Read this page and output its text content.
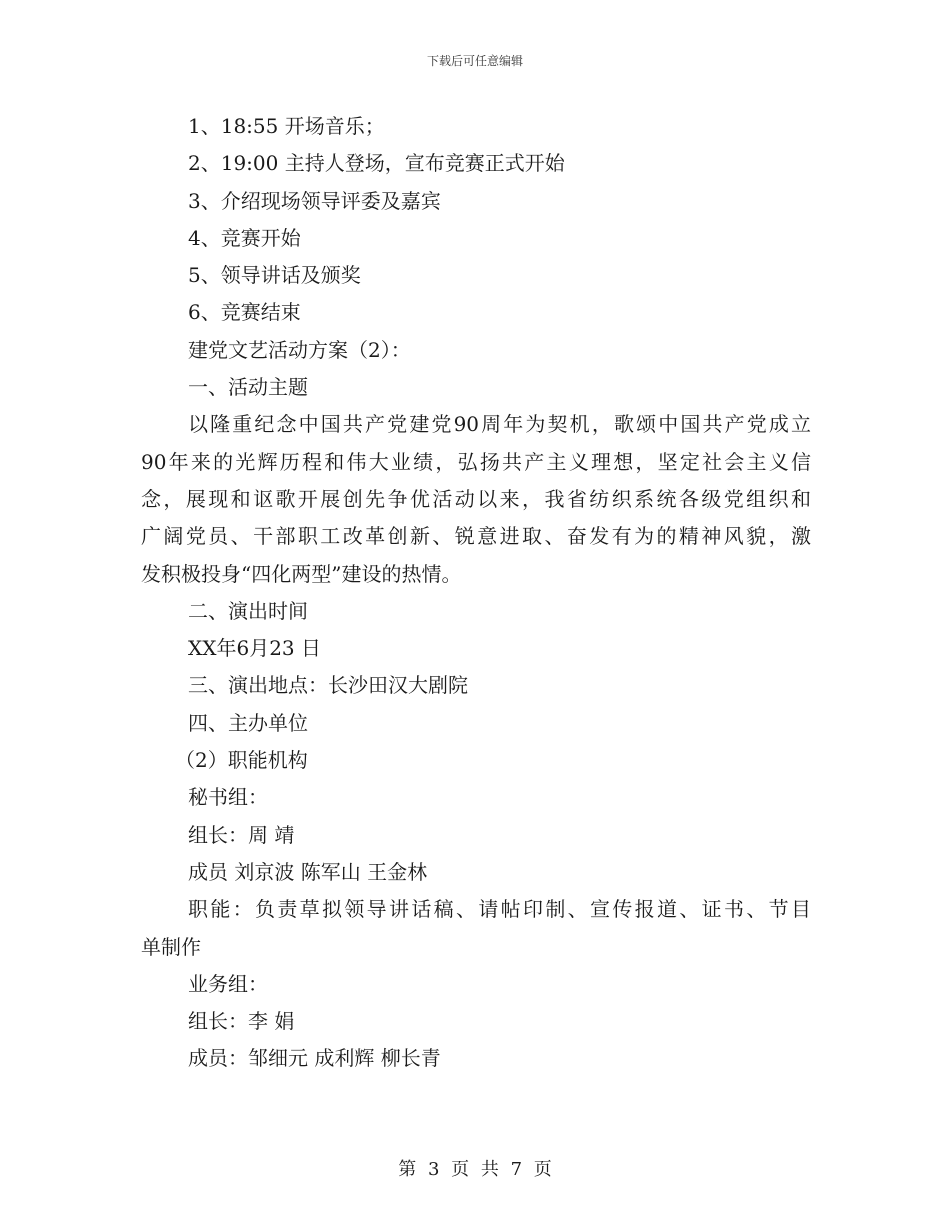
下载后可任意编辑
1、18:55 开场音乐；
2、19:00 主持人登场，宣布竞赛正式开始
3、介绍现场领导评委及嘉宾
4、竞赛开始
5、领导讲话及颁奖
6、竞赛结束
建党文艺活动方案（2）：
一、活动主题
以隆重纪念中国共产党建党90周年为契机，歌颂中国共产党成立
90年来的光辉历程和伟大业绩，弘扬共产主义理想，坚定社会主义信
念，展现和讴歌开展创先争优活动以来，我省纺织系统各级党组织和
广阔党员、干部职工改革创新、锐意进取、奋发有为的精神风貌，激
发积极投身“四化两型”建设的热情。
二、演出时间
XX年6月23 日
三、演出地点：长沙田汉大剧院
四、主办单位
（2）职能机构
秘书组：
组长：周 靖
成员 刘京波 陈军山 王金林
职能：负责草拟领导讲话稿、请帖印制、宣传报道、证书、节目
单制作
业务组：
组长：李 娟
成员：邹细元 成利辉 柳长青
第 3 页 共 7 页
